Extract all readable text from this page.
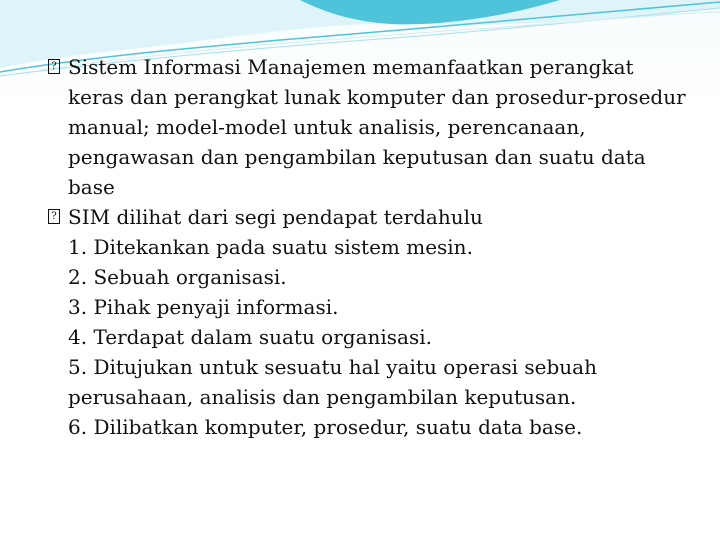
? Sistem Informasi Manajemen memanfaatkan perangkat keras dan perangkat lunak komputer dan prosedur-prosedur manual; model-model untuk analisis, perencanaan, pengawasan dan pengambilan keputusan dan suatu data base
? SIM dilihat dari segi pendapat terdahulu
1. Ditekankan pada suatu sistem mesin.
2. Sebuah organisasi.
3. Pihak penyaji informasi.
4. Terdapat dalam suatu organisasi.
5. Ditujukan untuk sesuatu hal yaitu operasi sebuah perusahaan, analisis dan pengambilan keputusan.
6. Dilibatkan komputer, prosedur, suatu data base.
